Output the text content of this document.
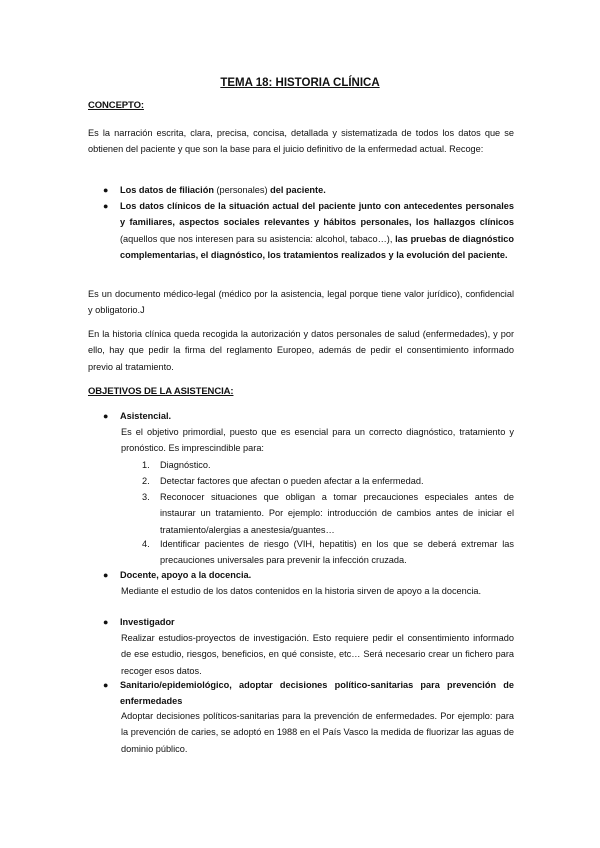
TEMA 18: HISTORIA CLÍNICA
CONCEPTO:
Es la narración escrita, clara, precisa, concisa, detallada y sistematizada de todos los datos que se obtienen del paciente y que son la base para el juicio definitivo de la enfermedad actual. Recoge:
●	Los datos de filiación (personales) del paciente.
●	Los datos clínicos de la situación actual del paciente junto con antecedentes personales y familiares, aspectos sociales relevantes y hábitos personales, los hallazgos clínicos (aquellos que nos interesen para su asistencia: alcohol, tabaco…), las pruebas de diagnóstico complementarias, el diagnóstico, los tratamientos realizados y la evolución del paciente.
Es un documento médico-legal (médico por la asistencia, legal porque tiene valor jurídico), confidencial y obligatorio.J
En la historia clínica queda recogida la autorización y datos personales de salud (enfermedades), y por ello, hay que pedir la firma del reglamento Europeo, además de pedir el consentimiento informado previo al tratamiento.
OBJETIVOS DE LA ASISTENCIA:
●	Asistencial.
Es el objetivo primordial, puesto que es esencial para un correcto diagnóstico, tratamiento y pronóstico. Es imprescindible para:
1.	Diagnóstico.
2.	Detectar factores que afectan o pueden afectar a la enfermedad.
3.	Reconocer situaciones que obligan a tomar precauciones especiales antes de instaurar un tratamiento. Por ejemplo: introducción de cambios antes de iniciar el tratamiento/alergias a anestesia/guantes…
4.	Identificar pacientes de riesgo (VIH, hepatitis) en los que se deberá extremar las precauciones universales para prevenir la infección cruzada.
●	Docente, apoyo a la docencia.
Mediante el estudio de los datos contenidos en la historia sirven de apoyo a la docencia.
●	Investigador
Realizar estudios-proyectos de investigación. Esto requiere pedir el consentimiento informado de ese estudio, riesgos, beneficios, en qué consiste, etc… Será necesario crear un fichero para recoger esos datos.
●	Sanitario/epidemiológico, adoptar decisiones político-sanitarias para prevención de enfermedades
Adoptar decisiones políticos-sanitarias para la prevención de enfermedades. Por ejemplo: para la prevención de caries, se adoptó en 1988 en el País Vasco la medida de fluorizar las aguas de dominio público.
